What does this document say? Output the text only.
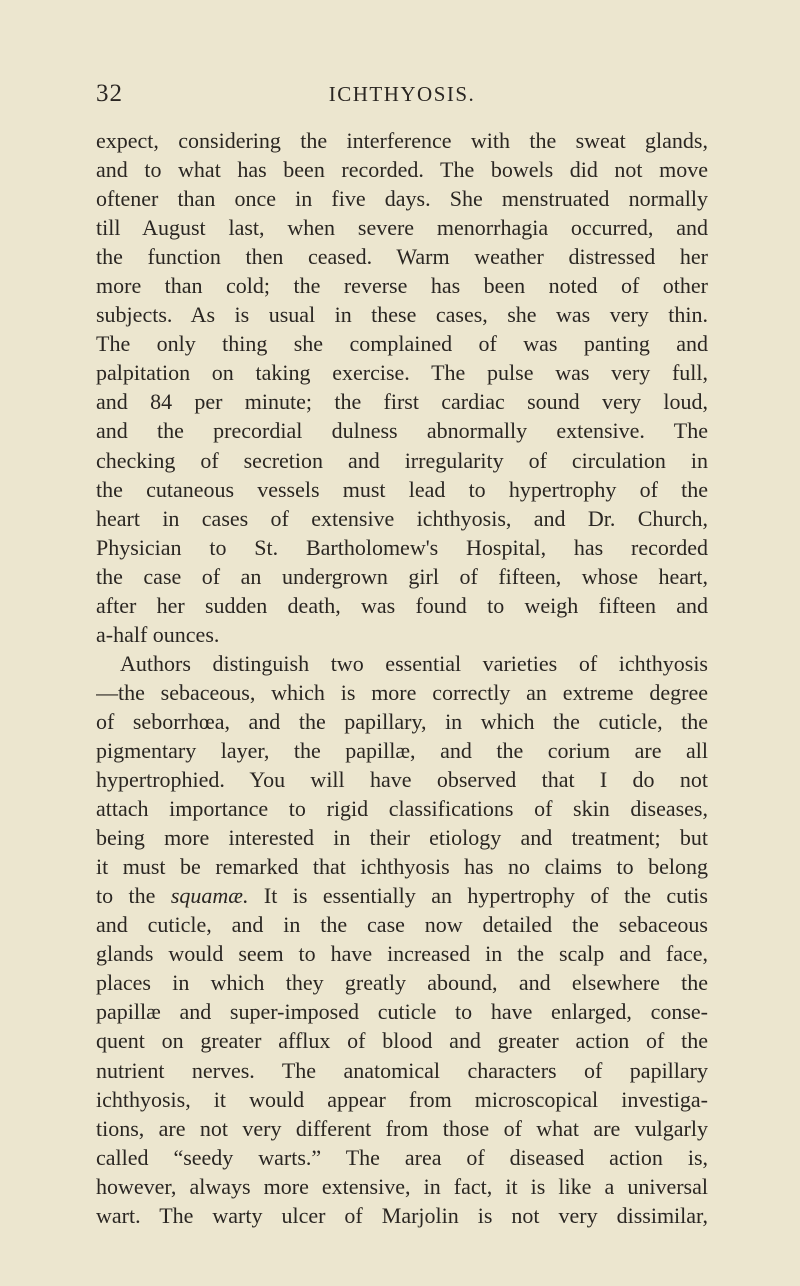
32	ICHTHYOSIS.
expect, considering the interference with the sweat glands,
and to what has been recorded. The bowels did not move
oftener than once in five days. She menstruated normally
till August last, when severe menorrhagia occurred, and
the function then ceased. Warm weather distressed her
more than cold; the reverse has been noted of other
subjects. As is usual in these cases, she was very thin.
The only thing she complained of was panting and
palpitation on taking exercise. The pulse was very full,
and 84 per minute; the first cardiac sound very loud,
and the precordial dulness abnormally extensive. The
checking of secretion and irregularity of circulation in
the cutaneous vessels must lead to hypertrophy of the
heart in cases of extensive ichthyosis, and Dr. Church,
Physician to St. Bartholomew's Hospital, has recorded
the case of an undergrown girl of fifteen, whose heart,
after her sudden death, was found to weigh fifteen and
a-half ounces.
Authors distinguish two essential varieties of ichthyosis
—the sebaceous, which is more correctly an extreme degree
of seborrhœa, and the papillary, in which the cuticle, the
pigmentary layer, the papillæ, and the corium are all
hypertrophied. You will have observed that I do not
attach importance to rigid classifications of skin diseases,
being more interested in their etiology and treatment; but
it must be remarked that ichthyosis has no claims to belong
to the squamæ. It is essentially an hypertrophy of the cutis
and cuticle, and in the case now detailed the sebaceous
glands would seem to have increased in the scalp and face,
places in which they greatly abound, and elsewhere the
papillæ and super-imposed cuticle to have enlarged, conse-
quent on greater afflux of blood and greater action of the
nutrient nerves. The anatomical characters of papillary
ichthyosis, it would appear from microscopical investiga-
tions, are not very different from those of what are vulgarly
called “seedy warts.” The area of diseased action is,
however, always more extensive, in fact, it is like a universal
wart. The warty ulcer of Marjolin is not very dissimilar,
